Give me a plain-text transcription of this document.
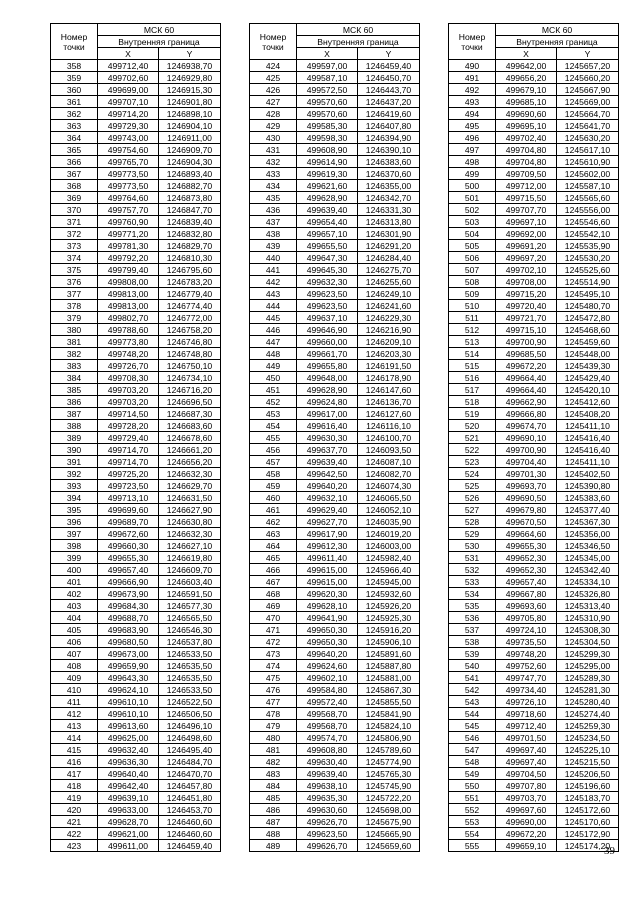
Номер
точки	МСК 60	
	Внутренняя граница	
	X	Y
358	499712,40	1246938,70
359	499702,60	1246929,80
360	499699,00	1246915,30
361	499707,10	1246901,80
362	499714,20	1246898,10
363	499729,30	1246904,10
364	499743,00	1246911,00
365	499754,60	1246909,70
366	499765,70	1246904,30
367	499773,50	1246893,40
368	499773,50	1246882,70
369	499764,60	1246873,80
370	499757,70	1246847,70
371	499760,90	1246839,40
372	499771,20	1246832,80
373	499781,30	1246829,70
374	499792,20	1246810,30
375	499799,40	1246795,60
376	499808,00	1246783,20
377	499813,00	1246779,40
378	499813,00	1246774,40
379	499802,70	1246772,00
380	499788,60	1246758,20
381	499773,80	1246746,80
382	499748,20	1246748,80
383	499726,70	1246750,10
384	499708,30	1246734,10
385	499703,20	1246716,20
386	499703,20	1246696,50
387	499714,50	1246687,30
388	499728,20	1246683,60
389	499729,40	1246678,60
390	499714,70	1246661,20
391	499714,70	1246656,20
392	499725,20	1246632,30
393	499723,50	1246629,70
394	499713,10	1246631,50
395	499699,60	1246627,90
396	499689,70	1246630,80
397	499672,60	1246632,30
398	499660,30	1246627,10
399	499655,30	1246619,80
400	499657,40	1246609,70
401	499666,90	1246603,40
402	499673,90	1246591,50
403	499684,30	1246577,30
404	499688,70	1246565,50
405	499683,90	1246546,30
406	499680,50	1246537,80
407	499673,00	1246533,50
408	499659,90	1246535,50
409	499643,30	1246535,50
410	499624,10	1246533,50
411	499610,10	1246522,50
412	499610,10	1246506,50
413	499613,60	1246496,10
414	499625,00	1246498,60
415	499632,40	1246495,40
416	499636,30	1246484,70
417	499640,40	1246470,70
418	499642,40	1246457,80
419	499639,10	1246451,80
420	499633,00	1246453,70
421	499628,70	1246460,60
422	499621,00	1246460,60
423	499611,00	1246459,40
Номер
точки	МСК 60	
	Внутренняя граница	
	X	Y
424	499597,00	1246459,40
425	499587,10	1246450,70
426	499572,50	1246443,70
427	499570,60	1246437,20
428	499570,60	1246419,60
429	499585,30	1246407,80
430	499598,30	1246394,90
431	499608,90	1246390,10
432	499614,90	1246383,60
433	499619,30	1246370,60
434	499621,60	1246355,00
435	499628,90	1246342,70
436	499639,40	1246331,30
437	499654,40	1246313,80
438	499657,10	1246301,90
439	499655,50	1246291,20
440	499647,30	1246284,40
441	499645,30	1246275,70
442	499632,30	1246255,60
443	499623,50	1246249,10
444	499623,50	1246241,60
445	499637,10	1246229,30
446	499646,90	1246216,90
447	499660,00	1246209,10
448	499661,70	1246203,30
449	499655,80	1246191,50
450	499648,00	1246178,90
451	499628,90	1246147,60
452	499624,80	1246136,70
453	499617,00	1246127,60
454	499616,40	1246116,10
455	499630,30	1246100,70
456	499637,70	1246093,50
457	499639,40	1246087,10
458	499642,50	1246082,70
459	499640,20	1246074,30
460	499632,10	1246065,50
461	499629,40	1246052,10
462	499627,70	1246035,90
463	499617,90	1246019,20
464	499612,30	1246003,00
465	499611,40	1245982,40
466	499615,00	1245966,40
467	499615,00	1245945,00
468	499620,30	1245932,60
469	499628,10	1245926,20
470	499641,90	1245925,30
471	499650,30	1245916,20
472	499650,30	1245906,10
473	499640,20	1245891,60
474	499624,60	1245887,80
475	499602,10	1245881,00
476	499584,80	1245867,30
477	499572,40	1245855,50
478	499568,70	1245841,90
479	499568,70	1245824,10
480	499574,70	1245806,90
481	499608,80	1245789,60
482	499630,40	1245774,90
483	499639,40	1245765,30
484	499638,10	1245745,90
485	499635,30	1245722,20
486	499630,60	1245698,00
487	499626,70	1245675,90
488	499623,50	1245665,90
489	499626,70	1245659,60
Номер
точки	МСК 60	
	Внутренняя граница	
	X	Y
490	499642,00	1245657,20
491	499656,20	1245660,20
492	499679,10	1245667,90
493	499685,10	1245669,00
494	499690,60	1245664,70
495	499695,10	1245641,70
496	499702,40	1245630,20
497	499704,80	1245617,10
498	499704,80	1245610,90
499	499709,50	1245602,00
500	499712,00	1245587,10
501	499715,50	1245565,60
502	499707,70	1245556,00
503	499697,10	1245546,60
504	499692,00	1245542,10
505	499691,20	1245535,90
506	499697,20	1245530,20
507	499702,10	1245525,60
508	499708,00	1245514,90
509	499715,20	1245495,10
510	499720,40	1245480,70
511	499721,70	1245472,80
512	499715,10	1245468,60
513	499700,90	1245459,60
514	499685,50	1245448,00
515	499672,20	1245439,30
516	499664,40	1245429,40
517	499664,40	1245420,10
518	499662,90	1245412,60
519	499666,80	1245408,20
520	499674,70	1245411,10
521	499690,10	1245416,40
522	499700,90	1245416,40
523	499704,40	1245411,10
524	499701,30	1245402,50
525	499693,70	1245390,80
526	499690,50	1245383,60
527	499679,80	1245377,40
528	499670,50	1245367,30
529	499664,60	1245356,00
530	499655,30	1245346,50
531	499652,30	1245345,00
532	499652,30	1245342,40
533	499657,40	1245334,10
534	499667,80	1245326,80
535	499693,60	1245313,40
536	499705,80	1245310,90
537	499724,10	1245308,30
538	499735,50	1245304,50
539	499748,20	1245299,30
540	499752,60	1245295,00
541	499747,70	1245289,30
542	499734,40	1245281,30
543	499726,10	1245280,40
544	499718,60	1245274,40
545	499712,40	1245259,30
546	499701,50	1245234,50
547	499697,40	1245225,10
548	499697,40	1245215,50
549	499704,50	1245206,50
550	499707,80	1245196,60
551	499703,70	1245183,70
552	499697,60	1245172,60
553	499690,00	1245170,60
554	499672,20	1245172,90
555	499659,10	1245174,20
39
